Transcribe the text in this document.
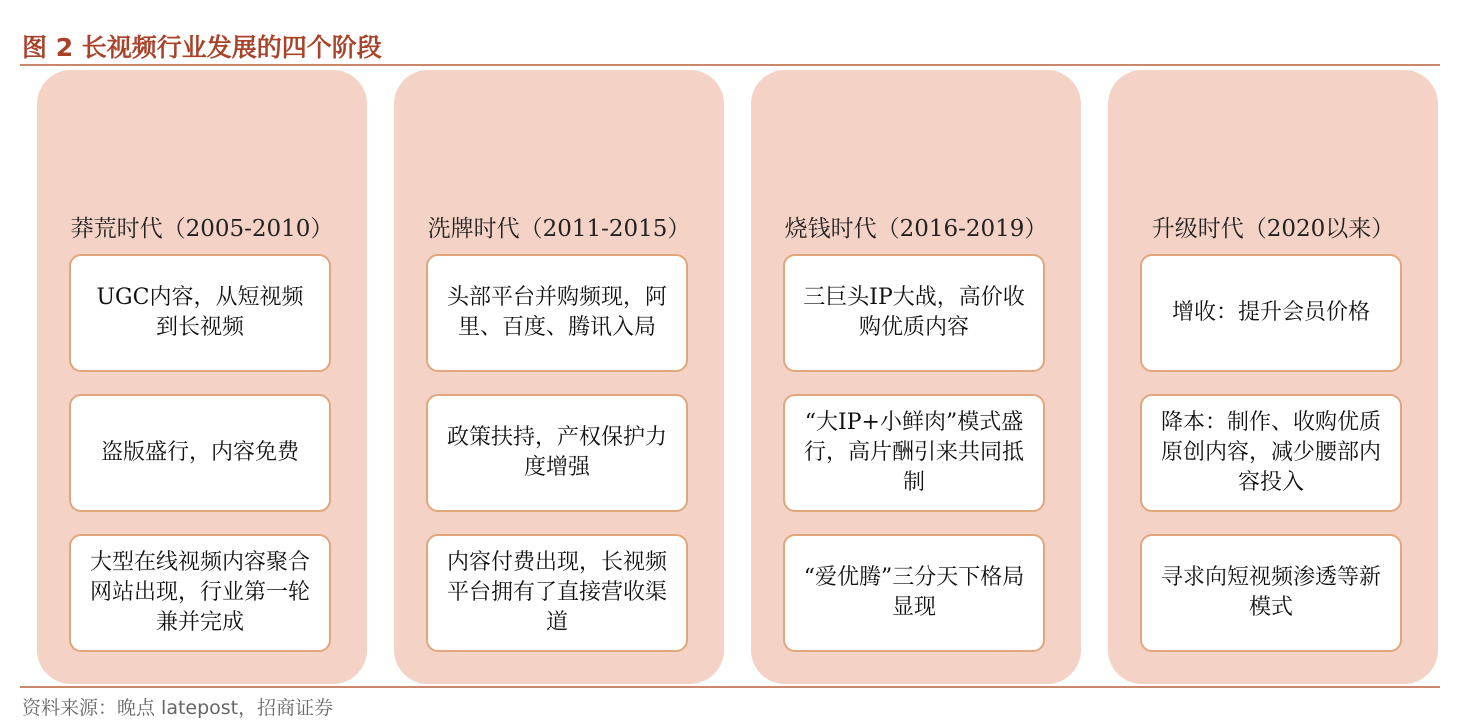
图 2 长视频行业发展的四个阶段
莽荒时代（2005-2010）
UGC内容，从短视频到长视频
盗版盛行，内容免费
大型在线视频内容聚合网站出现，行业第一轮兼并完成
洗牌时代（2011-2015）
头部平台并购频现，阿里、百度、腾讯入局
政策扶持，产权保护力度增强
内容付费出现，长视频平台拥有了直接营收渠道
烧钱时代（2016-2019）
三巨头IP大战，高价收购优质内容
“大IP+小鲜肉”模式盛行，高片酬引来共同抵制
“爱优腾”三分天下格局显现
升级时代（2020以来）
增收：提升会员价格
降本：制作、收购优质原创内容，减少腰部内容投入
寻求向短视频渗透等新模式
资料来源：晚点 latepost，招商证券
